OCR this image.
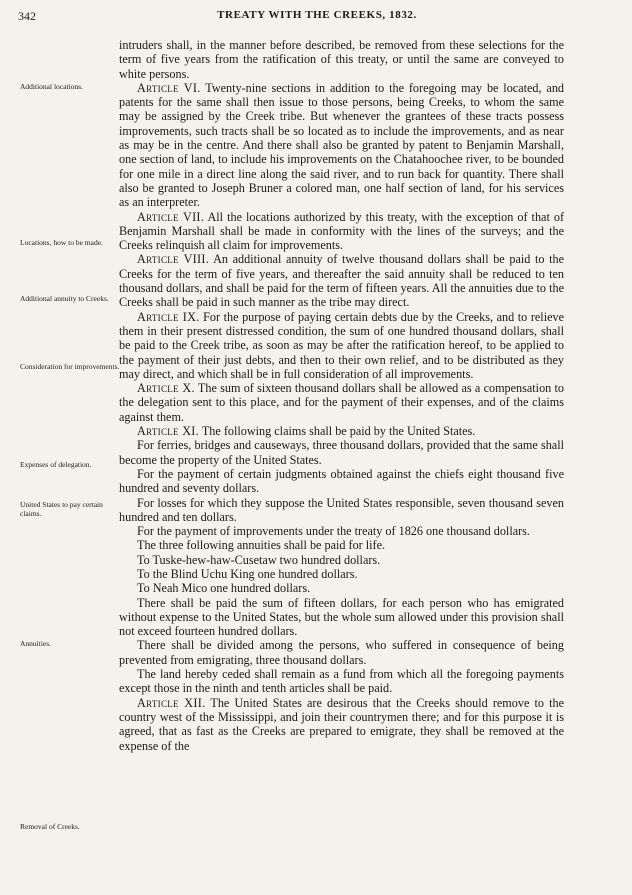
342	TREATY WITH THE CREEKS, 1832.
Additional locations.
Locations, how to be made.
Additional annuity to Creeks.
Consideration for improvements.
Expenses of delegation.
United States to pay certain claims.
Annuities.
Removal of Creeks.

intruders shall, in the manner before described, be removed from these selections for the term of five years from the ratification of this treaty, or until the same are conveyed to white persons.

Article VI. Twenty-nine sections in addition to the foregoing may be located, and patents for the same shall then issue to those persons, being Creeks, to whom the same may be assigned by the Creek tribe. But whenever the grantees of these tracts possess improvements, such tracts shall be so located as to include the improvements, and as near as may be in the centre. And there shall also be granted by patent to Benjamin Marshall, one section of land, to include his improvements on the Chatahoochee river, to be bounded for one mile in a direct line along the said river, and to run back for quantity. There shall also be granted to Joseph Bruner a colored man, one half section of land, for his services as an interpreter.

Article VII. All the locations authorized by this treaty, with the exception of that of Benjamin Marshall shall be made in conformity with the lines of the surveys; and the Creeks relinquish all claim for improvements.

Article VIII. An additional annuity of twelve thousand dollars shall be paid to the Creeks for the term of five years, and thereafter the said annuity shall be reduced to ten thousand dollars, and shall be paid for the term of fifteen years. All the annuities due to the Creeks shall be paid in such manner as the tribe may direct.

Article IX. For the purpose of paying certain debts due by the Creeks, and to relieve them in their present distressed condition, the sum of one hundred thousand dollars, shall be paid to the Creek tribe, as soon as may be after the ratification hereof, to be applied to the payment of their just debts, and then to their own relief, and to be distributed as they may direct, and which shall be in full consideration of all improvements.

Article X. The sum of sixteen thousand dollars shall be allowed as a compensation to the delegation sent to this place, and for the payment of their expenses, and of the claims against them.

Article XI. The following claims shall be paid by the United States.

For ferries, bridges and causeways, three thousand dollars, provided that the same shall become the property of the United States.

For the payment of certain judgments obtained against the chiefs eight thousand five hundred and seventy dollars.

For losses for which they suppose the United States responsible, seven thousand seven hundred and ten dollars.

For the payment of improvements under the treaty of 1826 one thousand dollars.

The three following annuities shall be paid for life.

To Tuske-hew-haw-Cusetaw two hundred dollars.

To the Blind Uchu King one hundred dollars.

To Neah Mico one hundred dollars.

There shall be paid the sum of fifteen dollars, for each person who has emigrated without expense to the United States, but the whole sum allowed under this provision shall not exceed fourteen hundred dollars.

There shall be divided among the persons, who suffered in consequence of being prevented from emigrating, three thousand dollars.

The land hereby ceded shall remain as a fund from which all the foregoing payments except those in the ninth and tenth articles shall be paid.

Article XII. The United States are desirous that the Creeks should remove to the country west of the Mississippi, and join their countrymen there; and for this purpose it is agreed, that as fast as the Creeks are prepared to emigrate, they shall be removed at the expense of the
